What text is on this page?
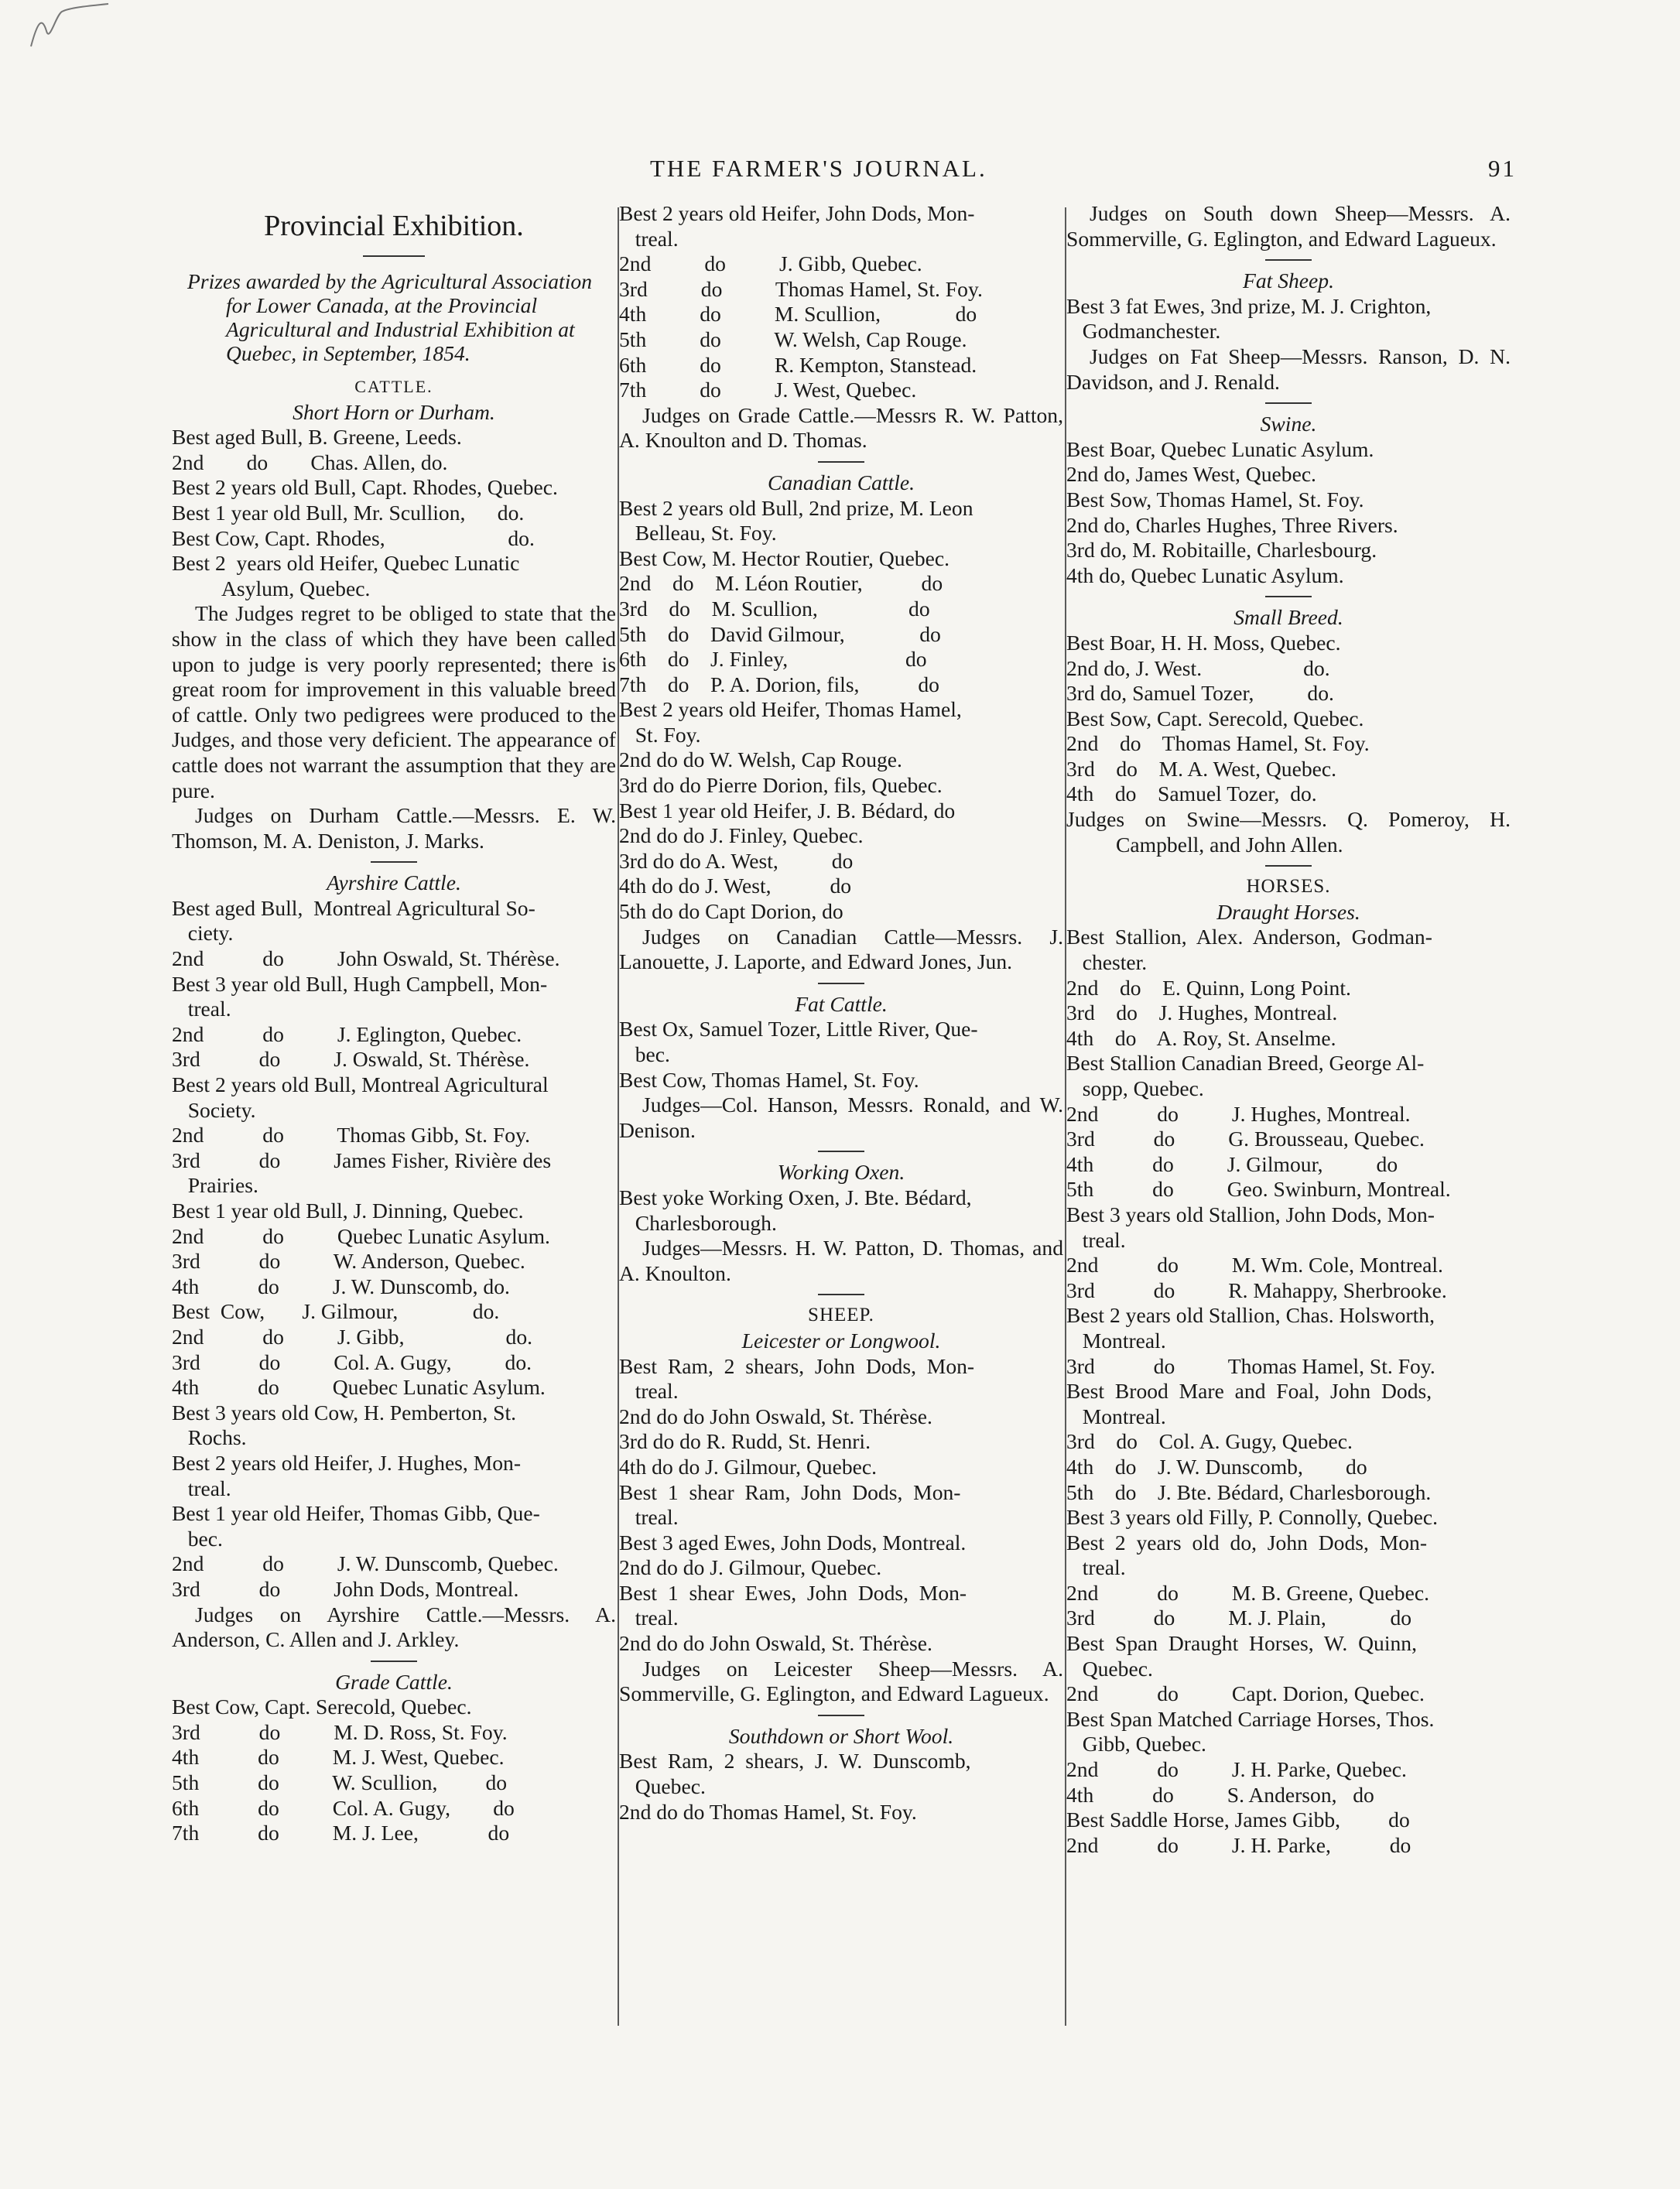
THE FARMER'S JOURNAL.	91
Provincial Exhibition.
Prizes awarded by the Agricultural Association for Lower Canada, at the Provincial Agricultural and Industrial Exhibition at Quebec, in September, 1854.
CATTLE.
Short Horn or Durham.
Best aged Bull, B. Greene, Leeds.
2nd        do        Chas. Allen, do.
Best 2 years old Bull, Capt. Rhodes, Quebec.
Best 1 year old Bull, Mr. Scullion,      do.
Best Cow, Capt. Rhodes,                       do.
Best 2  years old Heifer, Quebec Lunatic
Asylum, Quebec.
The Judges regret to be obliged to state that the show in the class of which they have been called upon to judge is very poorly represented; there is great room for improvement in this valuable breed of cattle. Only two pedigrees were produced to the Judges, and those very deficient. The appearance of cattle does not warrant the assumption that they are pure.
Judges on Durham Cattle.—Messrs. E. W. Thomson, M. A. Deniston, J. Marks.
Ayrshire Cattle.
Best aged Bull,  Montreal Agricultural So-
ciety.
2nd           do          John Oswald, St. Thérèse.
Best 3 year old Bull, Hugh Campbell, Mon-
treal.
2nd           do          J. Eglington, Quebec.
3rd           do          J. Oswald, St. Thérèse.
Best 2 years old Bull, Montreal Agricultural
Society.
2nd           do          Thomas Gibb, St. Foy.
3rd           do          James Fisher, Rivière des
Prairies.
Best 1 year old Bull, J. Dinning, Quebec.
2nd           do          Quebec Lunatic Asylum.
3rd           do          W. Anderson, Quebec.
4th           do          J. W. Dunscomb, do.
Best  Cow,       J. Gilmour,              do.
2nd           do          J. Gibb,                   do.
3rd           do          Col. A. Gugy,          do.
4th           do          Quebec Lunatic Asylum.
Best 3 years old Cow, H. Pemberton, St.
Rochs.
Best 2 years old Heifer, J. Hughes, Mon-
treal.
Best 1 year old Heifer, Thomas Gibb, Que-
bec.
2nd           do          J. W. Dunscomb, Quebec.
3rd           do          John Dods, Montreal.
Judges on Ayrshire Cattle.—Messrs. A. Anderson, C. Allen and J. Arkley.
Grade Cattle.
Best Cow, Capt. Serecold, Quebec.
3rd           do          M. D. Ross, St. Foy.
4th           do          M. J. West, Quebec.
5th           do          W. Scullion,         do
6th           do          Col. A. Gugy,        do
7th           do          M. J. Lee,             do
Best 2 years old Heifer, John Dods, Mon-
treal.
2nd          do          J. Gibb, Quebec.
3rd          do          Thomas Hamel, St. Foy.
4th          do          M. Scullion,              do
5th          do          W. Welsh, Cap Rouge.
6th          do          R. Kempton, Stanstead.
7th          do          J. West, Quebec.
Judges on Grade Cattle.—Messrs R. W. Patton, A. Knoulton and D. Thomas.
Canadian Cattle.
Best 2 years old Bull, 2nd prize, M. Leon
Belleau, St. Foy.
Best Cow, M. Hector Routier, Quebec.
2nd    do    M. Léon Routier,           do
3rd    do    M. Scullion,                 do
5th    do    David Gilmour,              do
6th    do    J. Finley,                      do
7th    do    P. A. Dorion, fils,           do
Best 2 years old Heifer, Thomas Hamel,
St. Foy.
2nd do do W. Welsh, Cap Rouge.
3rd do do Pierre Dorion, fils, Quebec.
Best 1 year old Heifer, J. B. Bédard, do
2nd do do J. Finley, Quebec.
3rd do do A. West,          do
4th do do J. West,           do
5th do do Capt Dorion, do
Judges on Canadian Cattle—Messrs. J. Lanouette, J. Laporte, and Edward Jones, Jun.
Fat Cattle.
Best Ox, Samuel Tozer, Little River, Que-
bec.
Best Cow, Thomas Hamel, St. Foy.
Judges—Col. Hanson, Messrs. Ronald, and W. Denison.
Working Oxen.
Best yoke Working Oxen, J. Bte. Bédard,
Charlesborough.
Judges—Messrs. H. W. Patton, D. Thomas, and A. Knoulton.
SHEEP.
Leicester or Longwool.
Best  Ram,  2  shears,  John  Dods,  Mon-
treal.
2nd do do John Oswald, St. Thérèse.
3rd do do R. Rudd, St. Henri.
4th do do J. Gilmour, Quebec.
Best  1  shear  Ram,  John  Dods,  Mon-
treal.
Best 3 aged Ewes, John Dods, Montreal.
2nd do do J. Gilmour, Quebec.
Best  1  shear  Ewes,  John  Dods,  Mon-
treal.
2nd do do John Oswald, St. Thérèse.
Judges on Leicester Sheep—Messrs. A. Sommerville, G. Eglington, and Edward Lagueux.
Southdown or Short Wool.
Best  Ram,  2  shears,  J.  W.  Dunscomb,
Quebec.
2nd do do Thomas Hamel, St. Foy.
Judges on South down Sheep—Messrs. A. Sommerville, G. Eglington, and Edward Lagueux.
Fat Sheep.
Best 3 fat Ewes, 3nd prize, M. J. Crighton,
Godmanchester.
Judges on Fat Sheep—Messrs. Ranson, D. N. Davidson, and J. Renald.
Swine.
Best Boar, Quebec Lunatic Asylum.
2nd do, James West, Quebec.
Best Sow, Thomas Hamel, St. Foy.
2nd do, Charles Hughes, Three Rivers.
3rd do, M. Robitaille, Charlesbourg.
4th do, Quebec Lunatic Asylum.
Small Breed.
Best Boar, H. H. Moss, Quebec.
2nd do, J. West.                   do.
3rd do, Samuel Tozer,          do.
Best Sow, Capt. Serecold, Quebec.
2nd    do    Thomas Hamel, St. Foy.
3rd    do    M. A. West, Quebec.
4th    do    Samuel Tozer,  do.
Judges on Swine—Messrs. Q. Pomeroy, H. Campbell, and John Allen.
HORSES.
Draught Horses.
Best  Stallion,  Alex.  Anderson,  Godman-
chester.
2nd    do    E. Quinn, Long Point.
3rd    do    J. Hughes, Montreal.
4th    do    A. Roy, St. Anselme.
Best Stallion Canadian Breed, George Al-
sopp, Quebec.
2nd           do          J. Hughes, Montreal.
3rd           do          G. Brousseau, Quebec.
4th           do          J. Gilmour,          do
5th           do          Geo. Swinburn, Montreal.
Best 3 years old Stallion, John Dods, Mon-
treal.
2nd           do          M. Wm. Cole, Montreal.
3rd           do          R. Mahappy, Sherbrooke.
Best 2 years old Stallion, Chas. Holsworth,
Montreal.
3rd           do          Thomas Hamel, St. Foy.
Best  Brood  Mare  and  Foal,  John  Dods,
Montreal.
3rd    do    Col. A. Gugy, Quebec.
4th    do    J. W. Dunscomb,        do
5th    do    J. Bte. Bédard, Charlesborough.
Best 3 years old Filly, P. Connolly, Quebec.
Best  2  years  old  do,  John  Dods,  Mon-
treal.
2nd           do          M. B. Greene, Quebec.
3rd           do          M. J. Plain,            do
Best  Span  Draught  Horses,  W.  Quinn,
Quebec.
2nd           do          Capt. Dorion, Quebec.
Best Span Matched Carriage Horses, Thos.
Gibb, Quebec.
2nd           do          J. H. Parke, Quebec.
4th           do          S. Anderson,   do
Best Saddle Horse, James Gibb,         do
2nd           do          J. H. Parke,           do
